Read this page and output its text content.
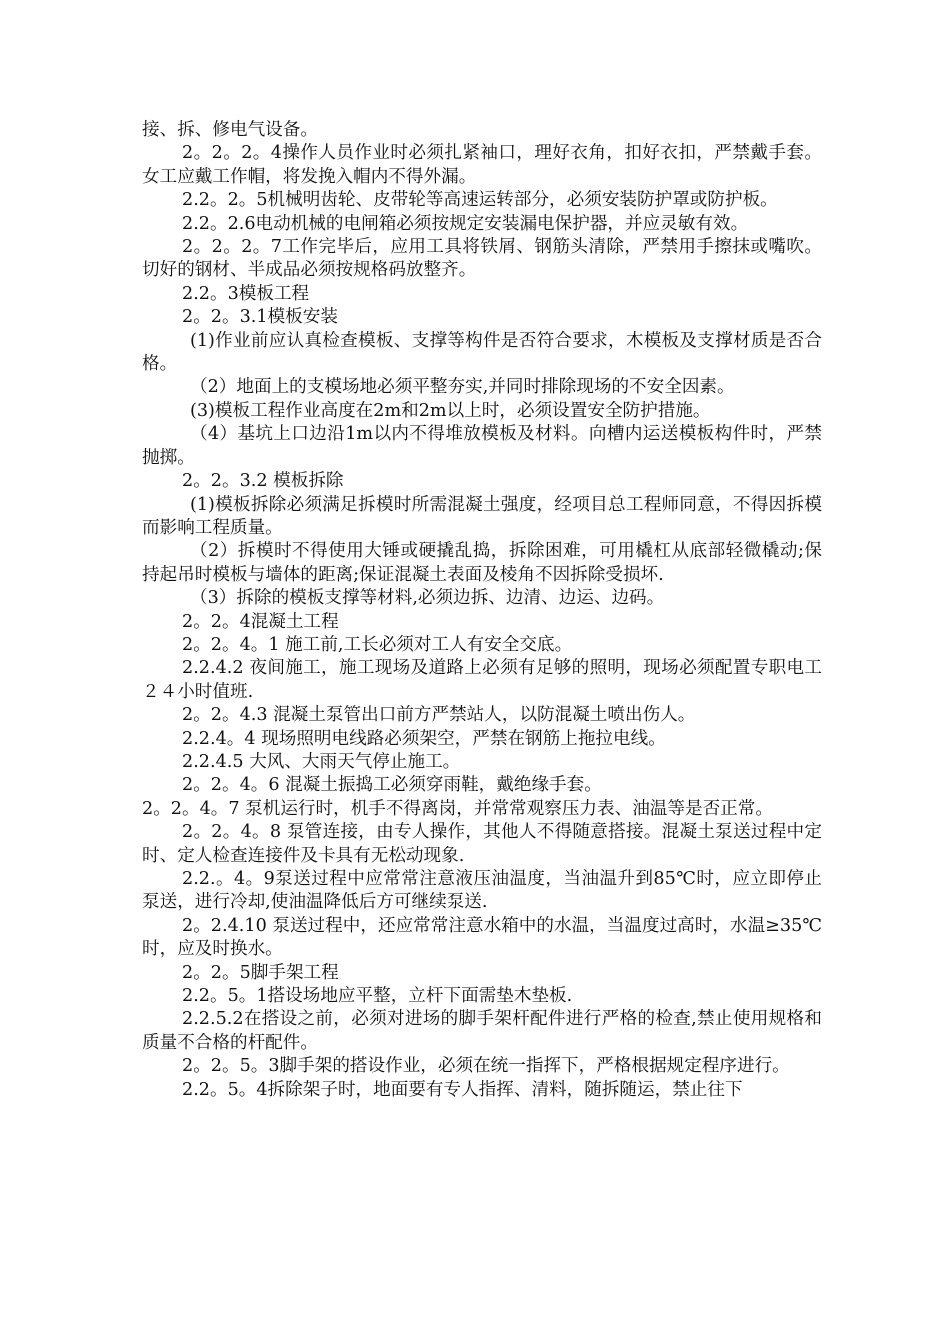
接、拆、修电气设备。

2。2。2。4操作人员作业时必须扎紧袖口，理好衣角，扣好衣扣，严禁戴手套。女工应戴工作帽，将发挽入帽内不得外漏。

2.2。2。5机械明齿轮、皮带轮等高速运转部分，必须安装防护罩或防护板。

2.2。2.6电动机械的电闸箱必须按规定安装漏电保护器，并应灵敏有效。

2。2。2。7工作完毕后，应用工具将铁屑、钢筋头清除，严禁用手擦抹或嘴吹。切好的钢材、半成品必须按规格码放整齐。

2.2。3模板工程

2。2。3.1模板安装

(1)作业前应认真检查模板、支撑等构件是否符合要求，木模板及支撑材质是否合格。

（2）地面上的支模场地必须平整夯实,并同时排除现场的不安全因素。

(3)模板工程作业高度在2m和2m以上时，必须设置安全防护措施。

（4）基坑上口边沿1m以内不得堆放模板及材料。向槽内运送模板构件时，严禁抛掷。

2。2。3.2 模板拆除

(1)模板拆除必须满足拆模时所需混凝土强度，经项目总工程师同意，不得因拆模而影响工程质量。

（2）拆模时不得使用大锤或硬撬乱捣，拆除困难，可用橇杠从底部轻微橇动;保持起吊时模板与墙体的距离;保证混凝土表面及棱角不因拆除受损坏.

（3）拆除的模板支撑等材料,必须边拆、边清、边运、边码。

2。2。4混凝土工程

2。2。4。1 施工前,工长必须对工人有安全交底。

2.2.4.2 夜间施工，施工现场及道路上必须有足够的照明，现场必须配置专职电工２４小时值班.

2。2。4.3 混凝土泵管出口前方严禁站人，以防混凝土喷出伤人。

2.2.4。4 现场照明电线路必须架空，严禁在钢筋上拖拉电线。

2.2.4.5 大风、大雨天气停止施工。

2。2。4。6 混凝土振捣工必须穿雨鞋，戴绝缘手套。

2。2。4。7 泵机运行时，机手不得离岗，并常常观察压力表、油温等是否正常。

2。2。4。8 泵管连接，由专人操作，其他人不得随意搭接。混凝土泵送过程中定时、定人检查连接件及卡具有无松动现象.

2.2.。4。9泵送过程中应常常注意液压油温度，当油温升到85℃时，应立即停止泵送，进行冷却,使油温降低后方可继续泵送.

2。2.4.10 泵送过程中，还应常常注意水箱中的水温，当温度过高时，水温≥35℃时，应及时换水。

2。2。5脚手架工程

2.2。5。1搭设场地应平整，立杆下面需垫木垫板.

2.2.5.2在搭设之前，必须对进场的脚手架杆配件进行严格的检查,禁止使用规格和质量不合格的杆配件。

2。2。5。3脚手架的搭设作业，必须在统一指挥下，严格根据规定程序进行。

2.2。5。4拆除架子时，地面要有专人指挥、清料，随拆随运，禁止往下
